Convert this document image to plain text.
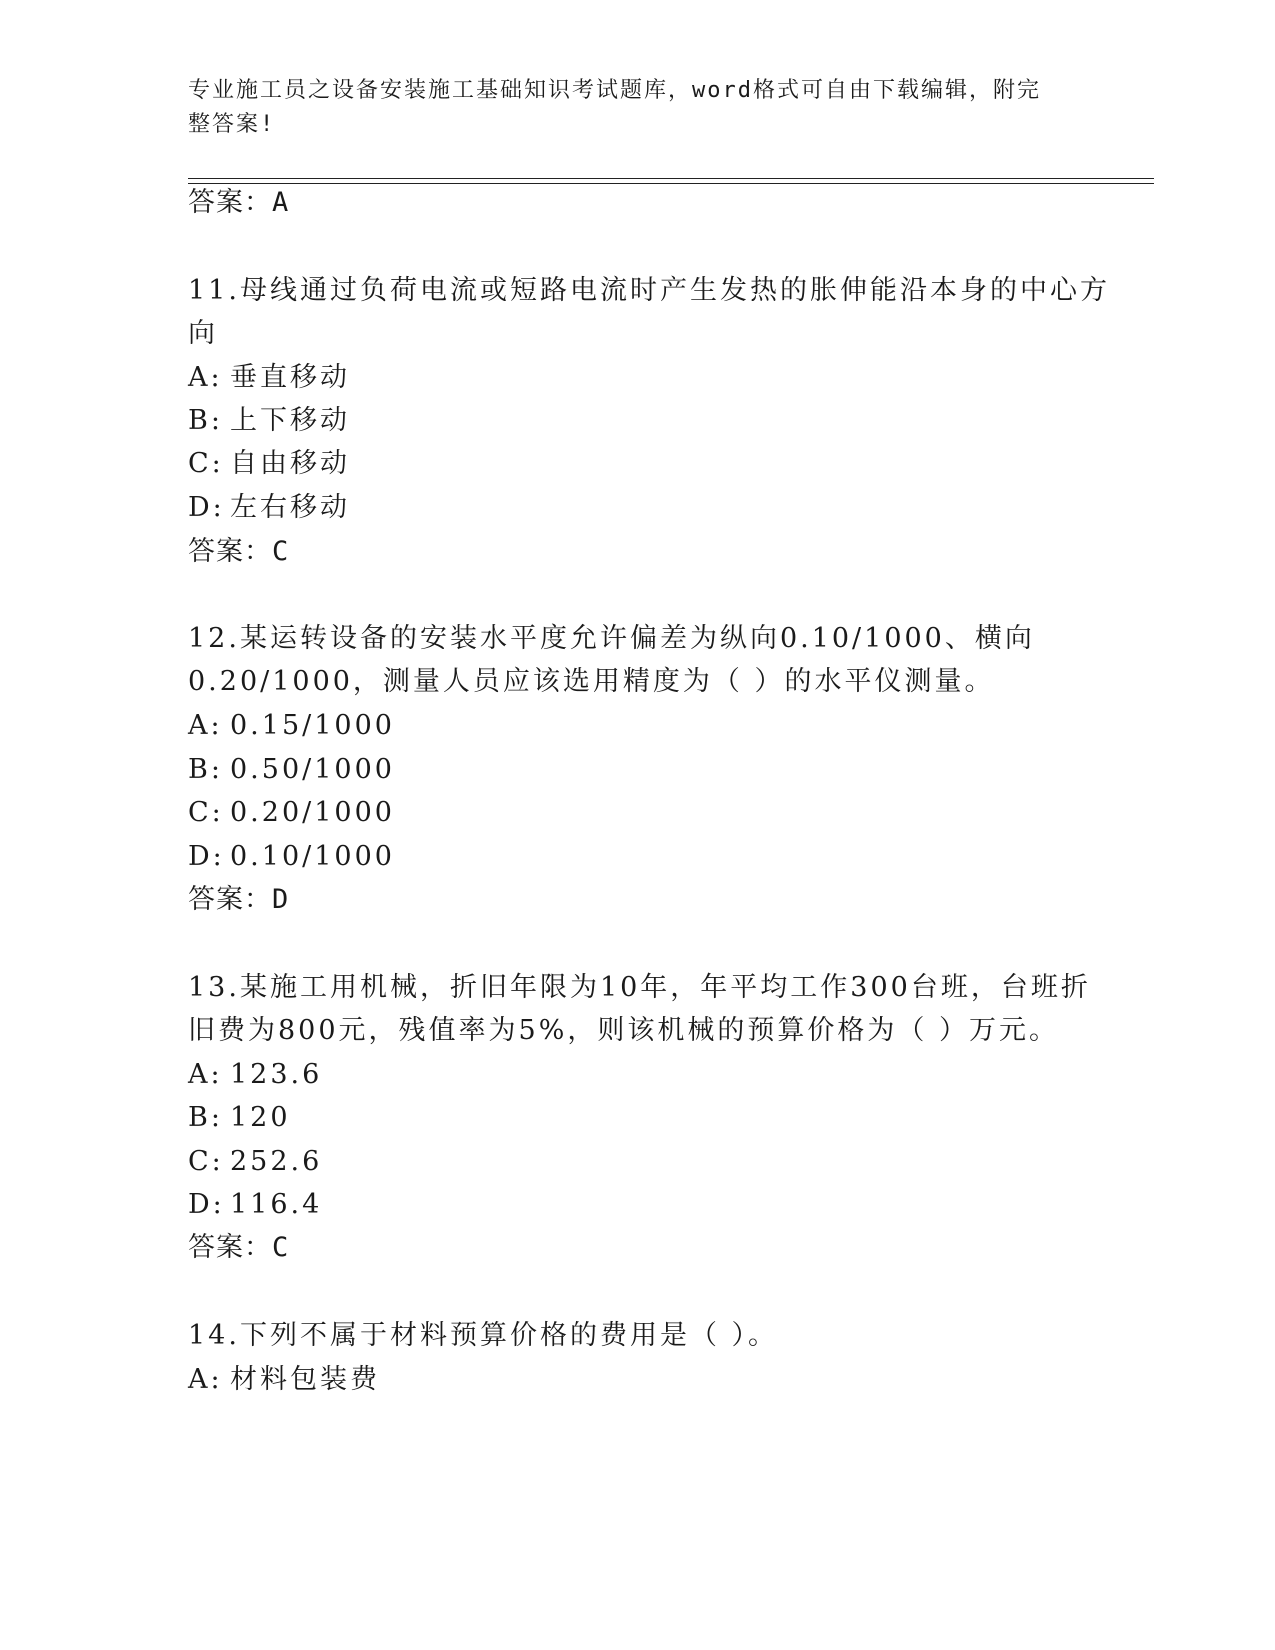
专业施工员之设备安装施工基础知识考试题库，word格式可自由下载编辑，附完
整答案!
答案：A
11.母线通过负荷电流或短路电流时产生发热的胀伸能沿本身的中心方
向
A: 垂直移动
B: 上下移动
C: 自由移动
D: 左右移动
答案：C
12.某运转设备的安装水平度允许偏差为纵向0.10/1000、横向
0.20/1000，测量人员应该选用精度为（ ）的水平仪测量。
A: 0.15/1000
B: 0.50/1000
C: 0.20/1000
D: 0.10/1000
答案：D
13.某施工用机械，折旧年限为10年，年平均工作300台班，台班折
旧费为800元，残值率为5%，则该机械的预算价格为（ ）万元。
A: 123.6
B: 120
C: 252.6
D: 116.4
答案：C
14.下列不属于材料预算价格的费用是（ ）。
A: 材料包装费
